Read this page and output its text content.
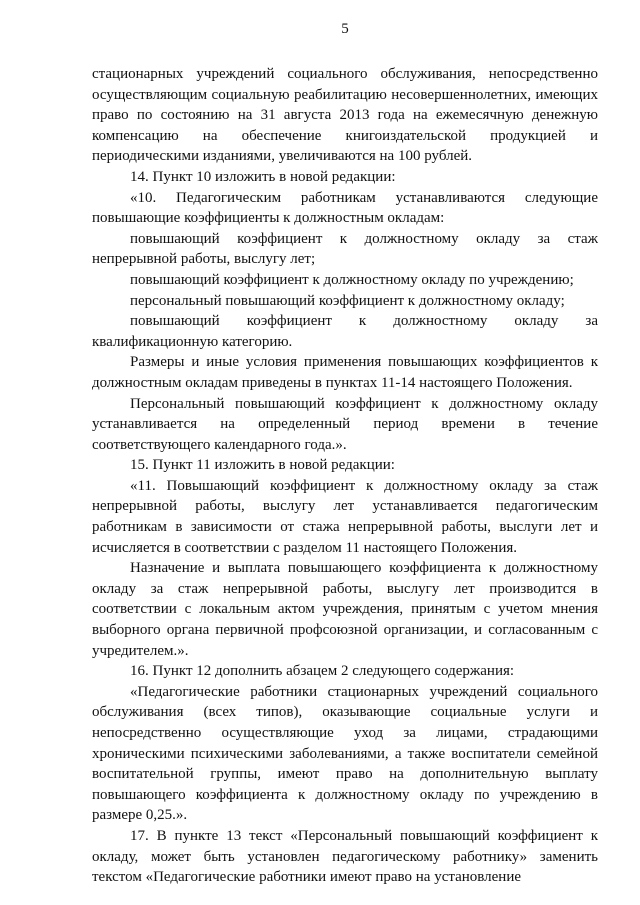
5

стационарных учреждений социального обслуживания, непосредственно осуществляющим социальную реабилитацию несовершеннолетних, имеющих право по состоянию на 31 августа 2013 года на ежемесячную денежную компенсацию на обеспечение книгоиздательской продукцией и периодическими изданиями, увеличиваются на 100 рублей.

14. Пункт 10 изложить в новой редакции:

«10. Педагогическим работникам устанавливаются следующие повышающие коэффициенты к должностным окладам:

повышающий коэффициент к должностному окладу за стаж непрерывной работы, выслугу лет;

повышающий коэффициент к должностному окладу по учреждению;

персональный повышающий коэффициент к должностному окладу;

повышающий коэффициент к должностному окладу за квалификационную категорию.

Размеры и иные условия применения повышающих коэффициентов к должностным окладам приведены в пунктах 11-14 настоящего Положения.

Персональный повышающий коэффициент к должностному окладу устанавливается на определенный период времени в течение соответствующего календарного года.».

15. Пункт 11 изложить в новой редакции:

«11. Повышающий коэффициент к должностному окладу за стаж непрерывной работы, выслугу лет устанавливается педагогическим работникам в зависимости от стажа непрерывной работы, выслуги лет и исчисляется в соответствии с разделом 11 настоящего Положения.

Назначение и выплата повышающего коэффициента к должностному окладу за стаж непрерывной работы, выслугу лет производится в соответствии с локальным актом учреждения, принятым с учетом мнения выборного органа первичной профсоюзной организации, и согласованным с учредителем.».

16. Пункт 12 дополнить абзацем 2 следующего содержания:

«Педагогические работники стационарных учреждений социального обслуживания (всех типов), оказывающие социальные услуги и непосредственно осуществляющие уход за лицами, страдающими хроническими психическими заболеваниями, а также воспитатели семейной воспитательной группы, имеют право на дополнительную выплату повышающего коэффициента к должностному окладу по учреждению в размере 0,25.».

17. В пункте 13 текст «Персональный повышающий коэффициент к окладу, может быть установлен педагогическому работнику» заменить текстом «Педагогические работники имеют право на установление
